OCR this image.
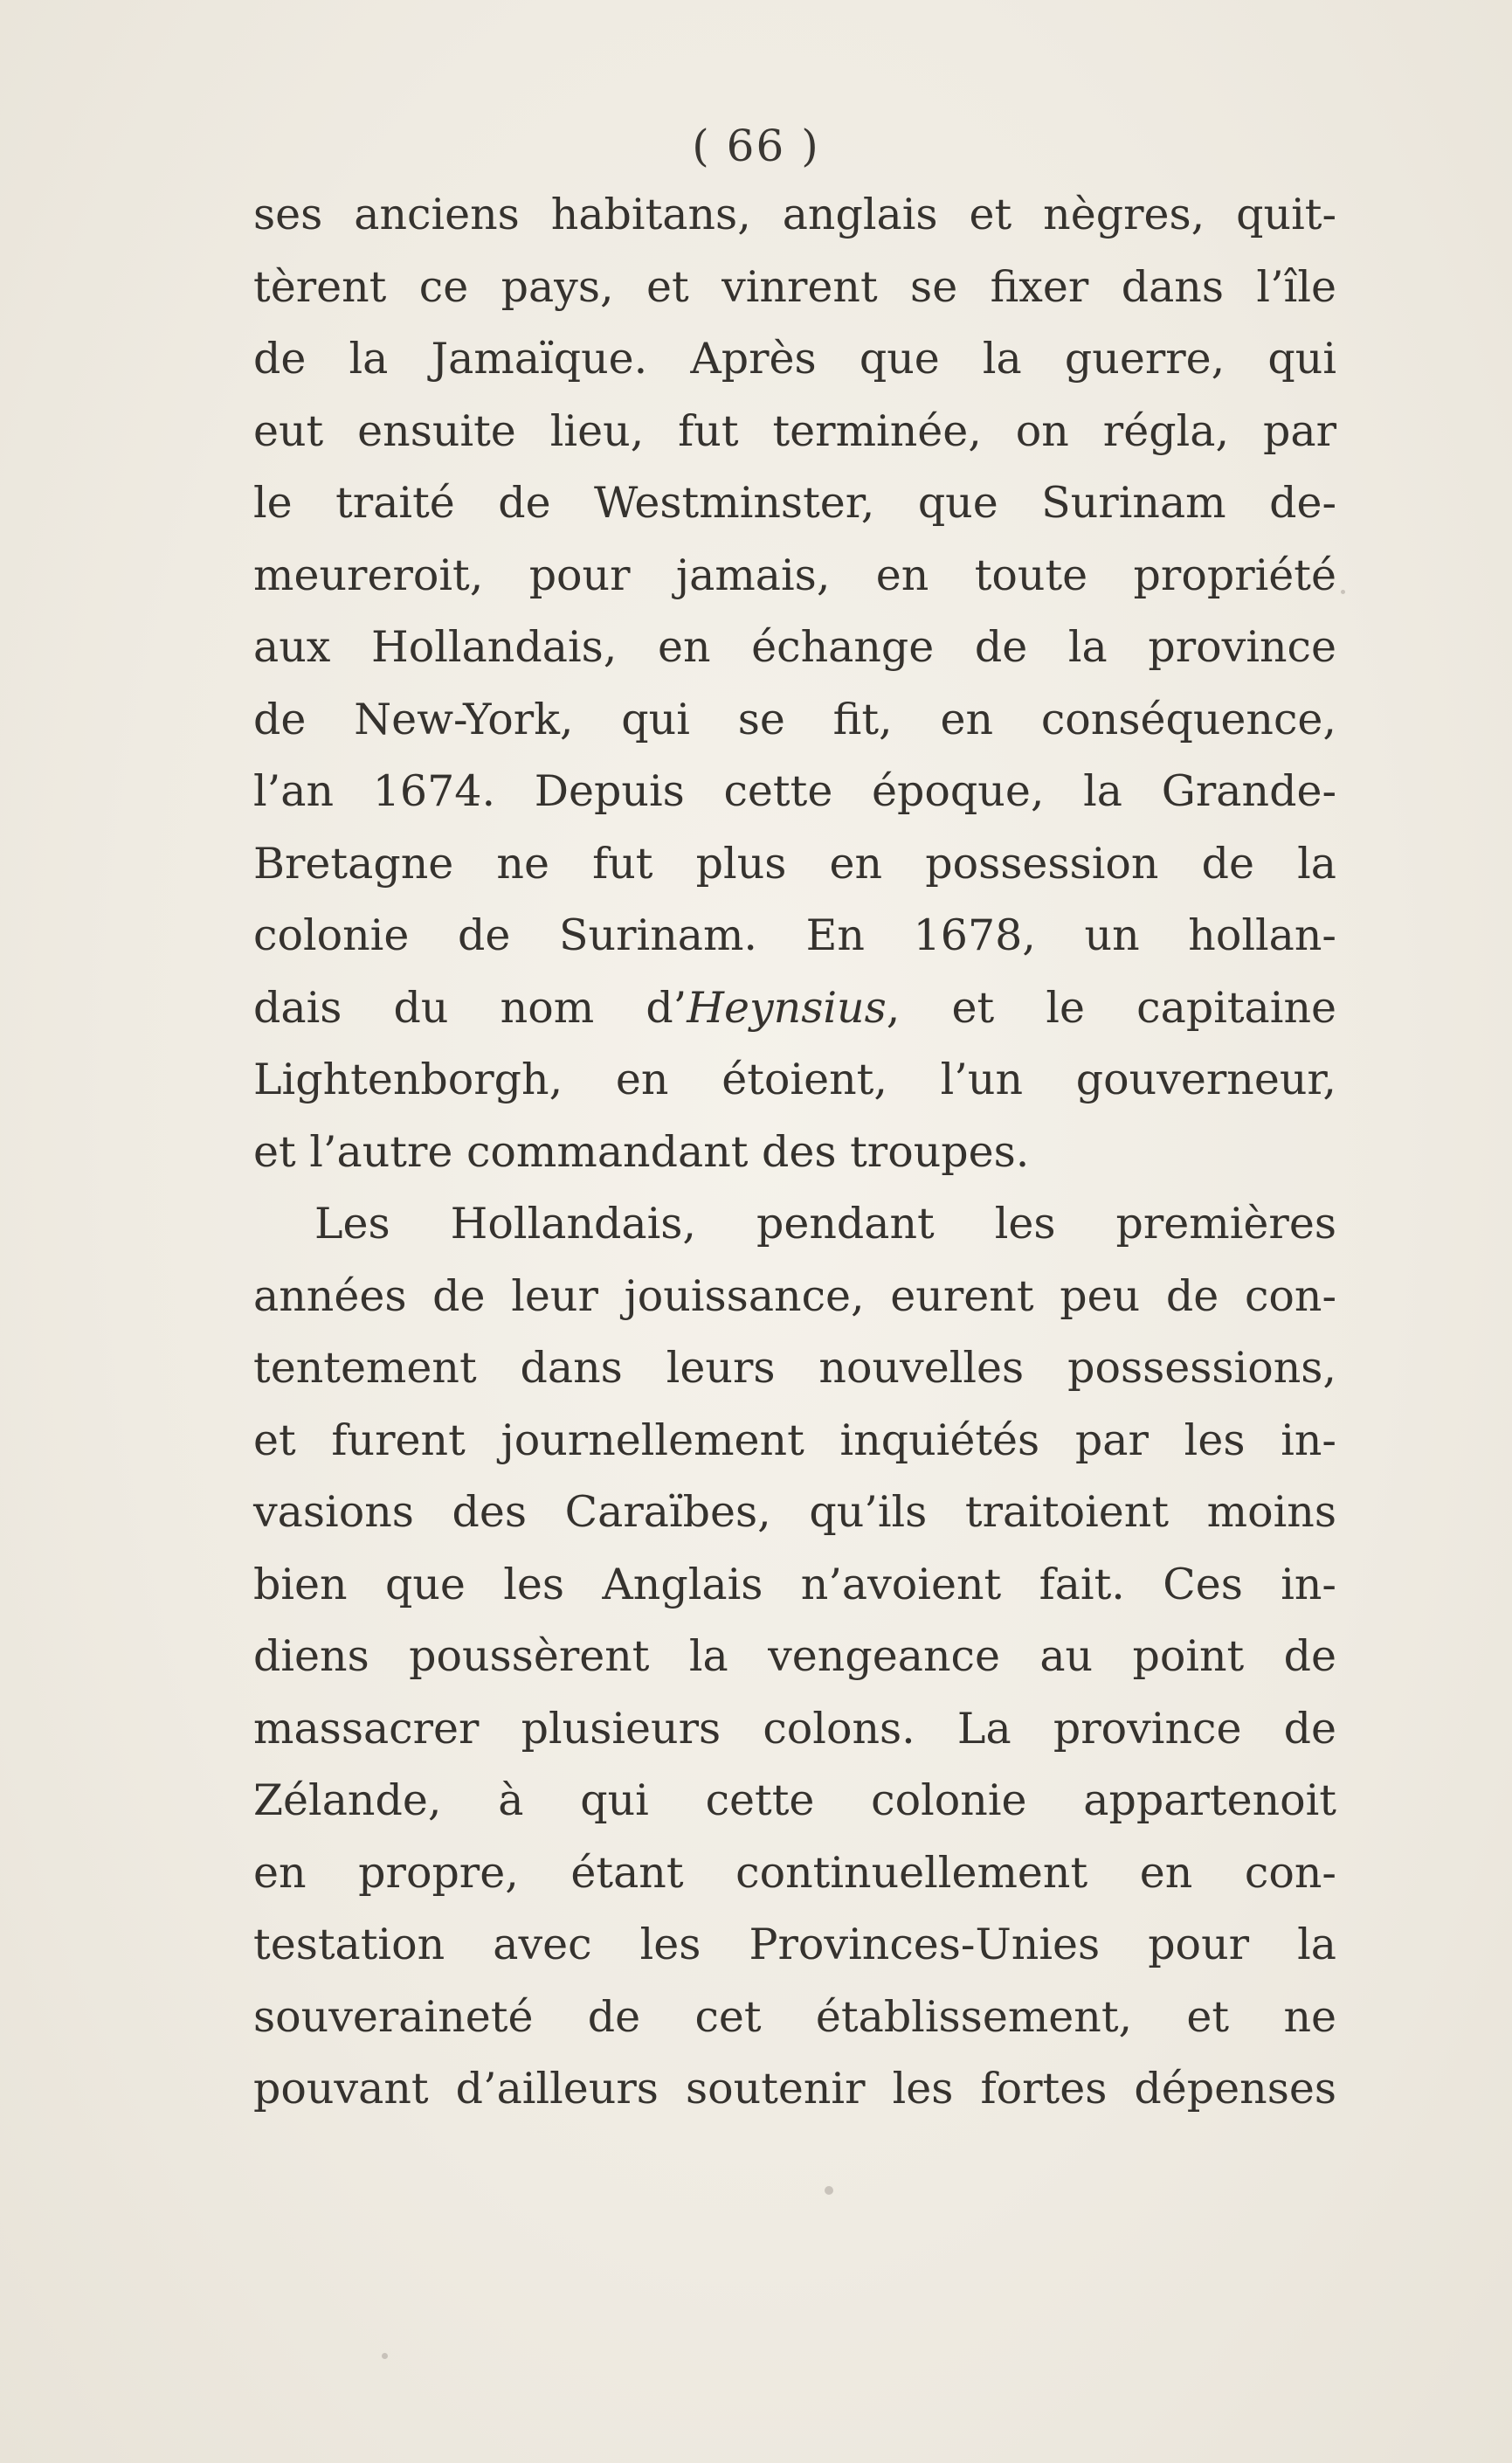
( 66 )
ses anciens habitans, anglais et nègres, quit-
tèrent ce pays, et vinrent se fixer dans l’île
de la Jamaïque. Après que la guerre, qui
eut ensuite lieu, fut terminée, on régla, par
le traité de Westminster, que Surinam de-
meureroit, pour jamais, en toute propriété
aux Hollandais, en échange de la province
de New-York, qui se fit, en conséquence,
l’an 1674. Depuis cette époque, la Grande-
Bretagne ne fut plus en possession de la
colonie de Surinam. En 1678, un hollan-
dais du nom d’Heynsius, et le capitaine
Lightenborgh, en étoient, l’un gouverneur,
et l’autre commandant des troupes.
Les Hollandais, pendant les premières
années de leur jouissance, eurent peu de con-
tentement dans leurs nouvelles possessions,
et furent journellement inquiétés par les in-
vasions des Caraïbes, qu’ils traitoient moins
bien que les Anglais n’avoient fait. Ces in-
diens poussèrent la vengeance au point de
massacrer plusieurs colons. La province de
Zélande, à qui cette colonie appartenoit
en propre, étant continuellement en con-
testation avec les Provinces-Unies pour la
souveraineté de cet établissement, et ne
pouvant d’ailleurs soutenir les fortes dépenses
